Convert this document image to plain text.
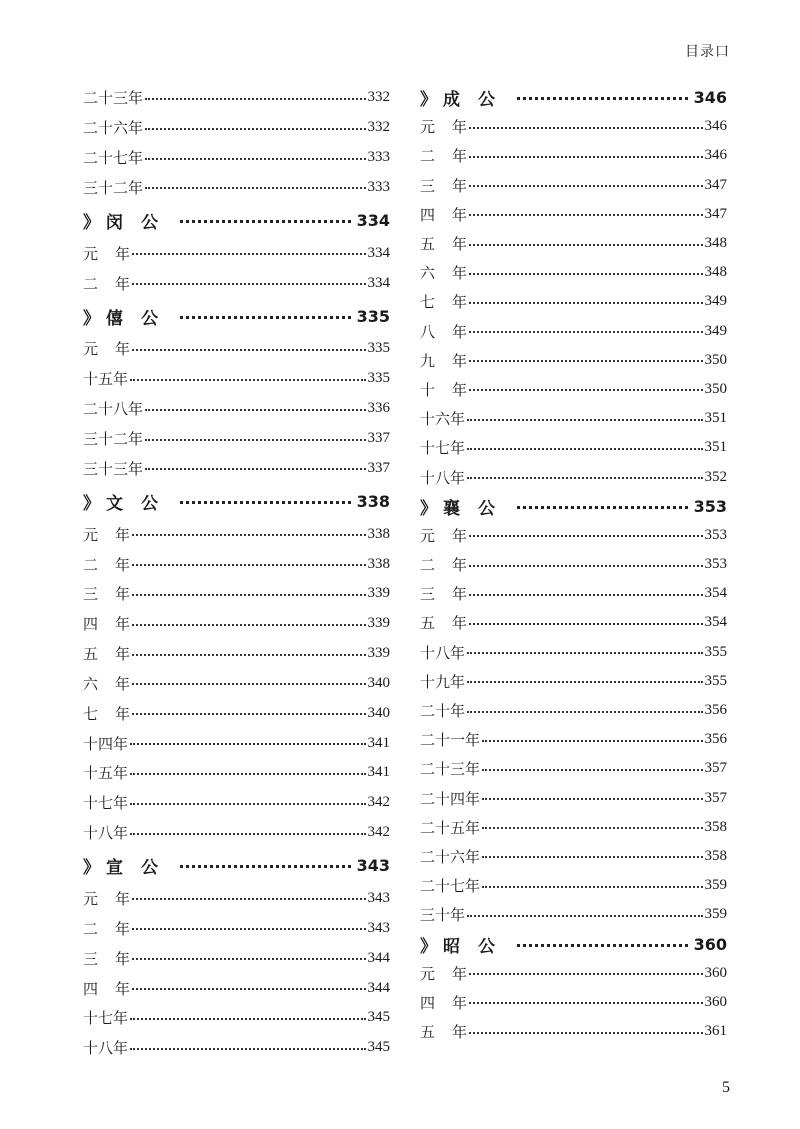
目录口
二十三年	332
二十六年	332
二十七年	333
三十二年	333
》 闵 公	334
元 年	334
二 年	334
》 僖 公	335
元 年	335
十五年	335
二十八年	336
三十二年	337
三十三年	337
》 文 公	338
元 年	338
二 年	338
三 年	339
四 年	339
五 年	339
六 年	340
七 年	340
十四年	341
十五年	341
十七年	342
十八年	342
》 宣 公	343
元 年	343
二 年	343
三 年	344
四 年	344
十七年	345
十八年	345
》 成 公	346
元 年	346
二 年	346
三 年	347
四 年	347
五 年	348
六 年	348
七 年	349
八 年	349
九 年	350
十 年	350
十六年	351
十七年	351
十八年	352
》 襄 公	353
元 年	353
二 年	353
三 年	354
五 年	354
十八年	355
十九年	355
二十年	356
二十一年	356
二十三年	357
二十四年	357
二十五年	358
二十六年	358
二十七年	359
三十年	359
》 昭 公	360
元 年	360
四 年	360
五 年	361
5
